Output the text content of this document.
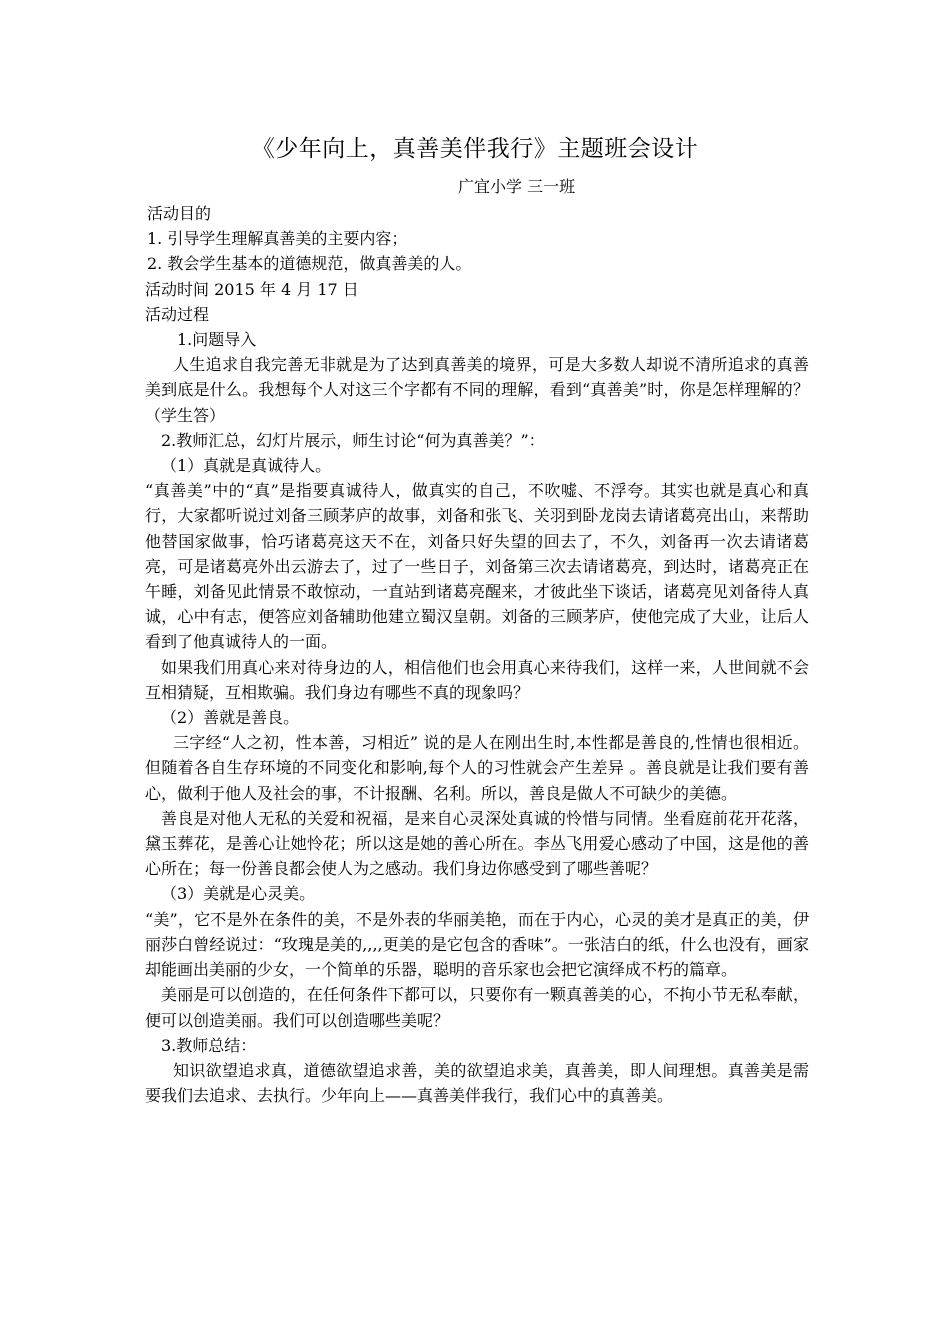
《少年向上，真善美伴我行》主题班会设计
广宜小学 三一班

活动目的

1. 引导学生理解真善美的主要内容；

2. 教会学生基本的道德规范，做真善美的人。

活动时间 2015 年 4 月 17 日

活动过程

1.问题导入

人生追求自我完善无非就是为了达到真善美的境界，可是大多数人却说不清所追求的真善美到底是什么。我想每个人对这三个字都有不同的理解，看到“真善美”时，你是怎样理解的？（学生答）

2.教师汇总，幻灯片展示，师生讨论“何为真善美？”：

（1）真就是真诚待人。

“真善美”中的“真”是指要真诚待人，做真实的自己，不吹嘘、不浮夸。其实也就是真心和真行，大家都听说过刘备三顾茅庐的故事，刘备和张飞、关羽到卧龙岗去请诸葛亮出山，来帮助他替国家做事，恰巧诸葛亮这天不在，刘备只好失望的回去了，不久，刘备再一次去请诸葛亮，可是诸葛亮外出云游去了，过了一些日子，刘备第三次去请诸葛亮，到达时，诸葛亮正在午睡，刘备见此情景不敢惊动，一直站到诸葛亮醒来，才彼此坐下谈话，诸葛亮见刘备待人真诚，心中有志，便答应刘备辅助他建立蜀汉皇朝。刘备的三顾茅庐，使他完成了大业，让后人看到了他真诚待人的一面。

如果我们用真心来对待身边的人，相信他们也会用真心来待我们，这样一来，人世间就不会互相猜疑，互相欺骗。我们身边有哪些不真的现象吗？

（2）善就是善良。

三字经“人之初，性本善，习相近” 说的是人在刚出生时,本性都是善良的,性情也很相近。但随着各自生存环境的不同变化和影响,每个人的习性就会产生差异 。善良就是让我们要有善心，做利于他人及社会的事，不计报酬、名利。所以，善良是做人不可缺少的美德。

善良是对他人无私的关爱和祝福，是来自心灵深处真诚的怜惜与同情。坐看庭前花开花落，黛玉葬花，是善心让她怜花；所以这是她的善心所在。李丛飞用爱心感动了中国，这是他的善心所在；每一份善良都会使人为之感动。我们身边你感受到了哪些善呢？

（3）美就是心灵美。

“美”，它不是外在条件的美，不是外表的华丽美艳，而在于内心，心灵的美才是真正的美，伊丽莎白曾经说过：“玫瑰是美的,,,,更美的是它包含的香味”。一张洁白的纸，什么也没有，画家却能画出美丽的少女，一个简单的乐器，聪明的音乐家也会把它演绎成不朽的篇章。

美丽是可以创造的，在任何条件下都可以，只要你有一颗真善美的心，不拘小节无私奉献，便可以创造美丽。我们可以创造哪些美呢？

3.教师总结：

知识欲望追求真，道德欲望追求善，美的欲望追求美，真善美，即人间理想。真善美是需要我们去追求、去执行。少年向上——真善美伴我行，我们心中的真善美。
